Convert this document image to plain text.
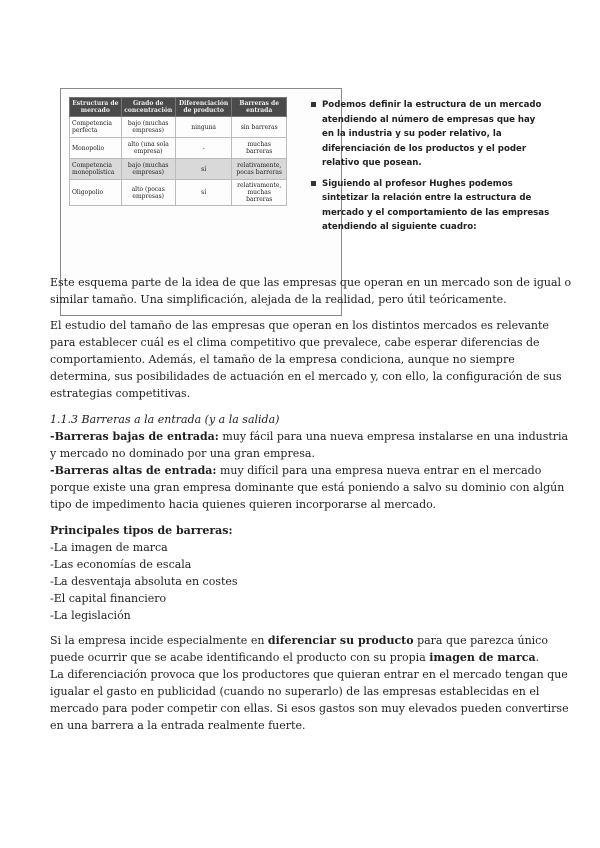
Estructura de mercado	Grado de concentración	Diferenciación de producto	Barreras de entrada
Competencia perfecta	bajo (muchas empresas)	ninguna	sin barreras
Monopolio	alto (una sola empresa)	-	muchas barreras
Competencia monopolística	bajo (muchas empresas)	sí	relativamente, pocas barreras
Oligopolio	alto (pocas empresas)	sí	relativamente, muchas barreras
Podemos definir la estructura de un mercado atendiendo al número de empresas que hay en la industria y su poder relativo, la diferenciación de los productos y el poder relativo que posean.
Siguiendo al profesor Hughes podemos sintetizar la relación entre la estructura de mercado y el comportamiento de las empresas atendiendo al siguiente cuadro:

Este esquema parte de la idea de que las empresas que operan en un mercado son de igual o similar tamaño. Una simplificación, alejada de la realidad, pero útil teóricamente.

El estudio del tamaño de las empresas que operan en los distintos mercados es relevante para establecer cuál es el clima competitivo que prevalece, cabe esperar diferencias de comportamiento. Además, el tamaño de la empresa condiciona, aunque no siempre determina, sus posibilidades de actuación en el mercado y, con ello, la configuración de sus estrategias competitivas.

1.1.3 Barreras a la entrada (y a la salida)

-Barreras bajas de entrada: muy fácil para una nueva empresa instalarse en una industria y mercado no dominado por una gran empresa.

-Barreras altas de entrada: muy difícil para una empresa nueva entrar en el mercado porque existe una gran empresa dominante que está poniendo a salvo su dominio con algún tipo de impedimento hacia quienes quieren incorporarse al mercado.

Principales tipos de barreras:

-La imagen de marca
-Las economías de escala
-La desventaja absoluta en costes
-El capital financiero
-La legislación

Si la empresa incide especialmente en diferenciar su producto para que parezca único puede ocurrir que se acabe identificando el producto con su propia imagen de marca.

La diferenciación provoca que los productores que quieran entrar en el mercado tengan que igualar el gasto en publicidad (cuando no superarlo) de las empresas establecidas en el mercado para poder competir con ellas. Si esos gastos son muy elevados pueden convertirse en una barrera a la entrada realmente fuerte.
